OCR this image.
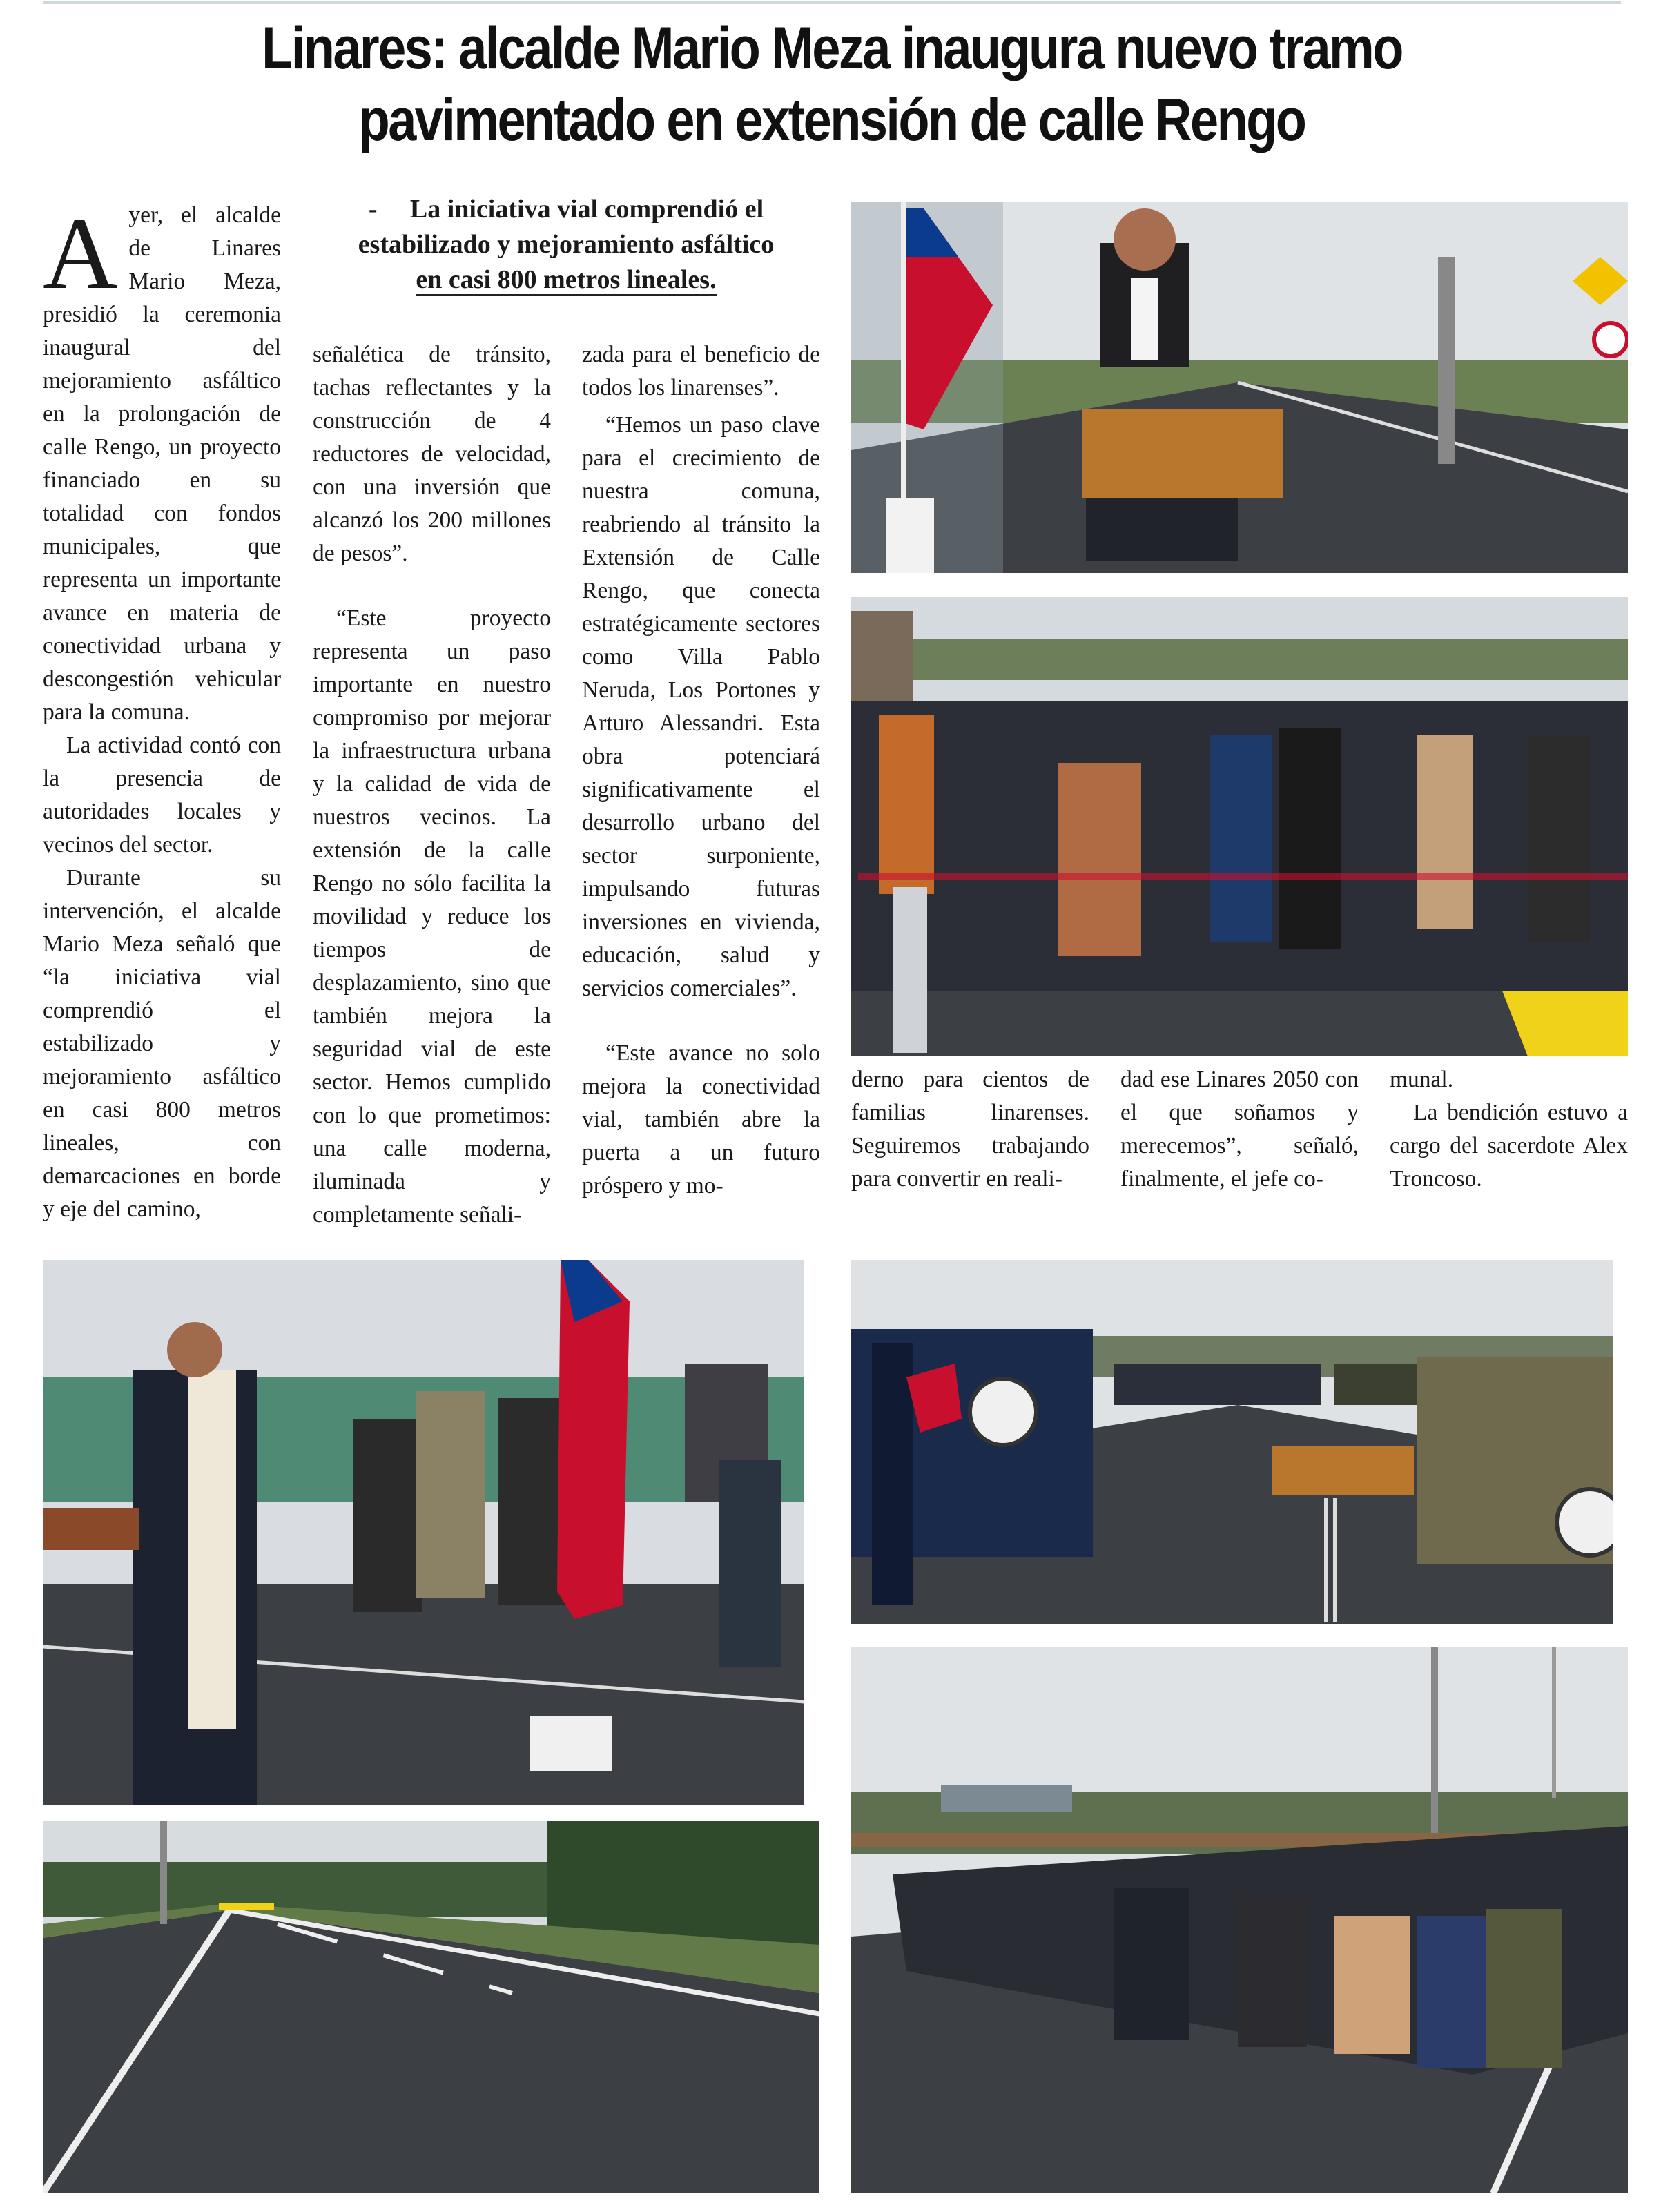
Linares: alcalde Mario Meza inaugura nuevo tramo
pavimentado en extensión de calle Rengo
- La iniciativa vial comprendió el
estabilizado y mejoramiento asfáltico
en casi 800 metros lineales.

Ayer, el alcalde de Linares Mario Meza, presidió la ceremonia inaugural del mejoramiento asfáltico en la prolongación de calle Rengo, un proyecto financiado en su totalidad con fondos municipales, que representa un importante avance en materia de conectividad urbana y descongestión vehicular para la comuna.

La actividad contó con la presencia de autoridades locales y vecinos del sector.

Durante su intervención, el alcalde Mario Meza señaló que “la iniciativa vial comprendió el estabilizado y mejoramiento asfáltico en casi 800 metros lineales, con demarcaciones en borde y eje del camino,

señalética de tránsito, tachas reflectantes y la construcción de 4 reductores de velocidad, con una inversión que alcanzó los 200 millones de pesos”.

“Este proyecto representa un paso importante en nuestro compromiso por mejorar la infraestructura urbana y la calidad de vida de nuestros vecinos. La extensión de la calle Rengo no sólo facilita la movilidad y reduce los tiempos de desplazamiento, sino que también mejora la seguridad vial de este sector. Hemos cumplido con lo que prometimos: una calle moderna, iluminada y completamente señali-

zada para el beneficio de todos los linarenses”.

“Hemos un paso clave para el crecimiento de nuestra comuna, reabriendo al tránsito la Extensión de Calle Rengo, que conecta estratégicamente sectores como Villa Pablo Neruda, Los Portones y Arturo Alessandri. Esta obra potenciará significativamente el desarrollo urbano del sector surponiente, impulsando futuras inversiones en vivienda, educación, salud y servicios comerciales”.

“Este avance no solo mejora la conectividad vial, también abre la puerta a un futuro próspero y mo-

derno para cientos de familias linarenses. Seguiremos trabajando para convertir en reali-

dad ese Linares 2050 con el que soñamos y merecemos”, señaló, finalmente, el jefe co-

munal.

La bendición estuvo a cargo del sacerdote Alex Troncoso.
